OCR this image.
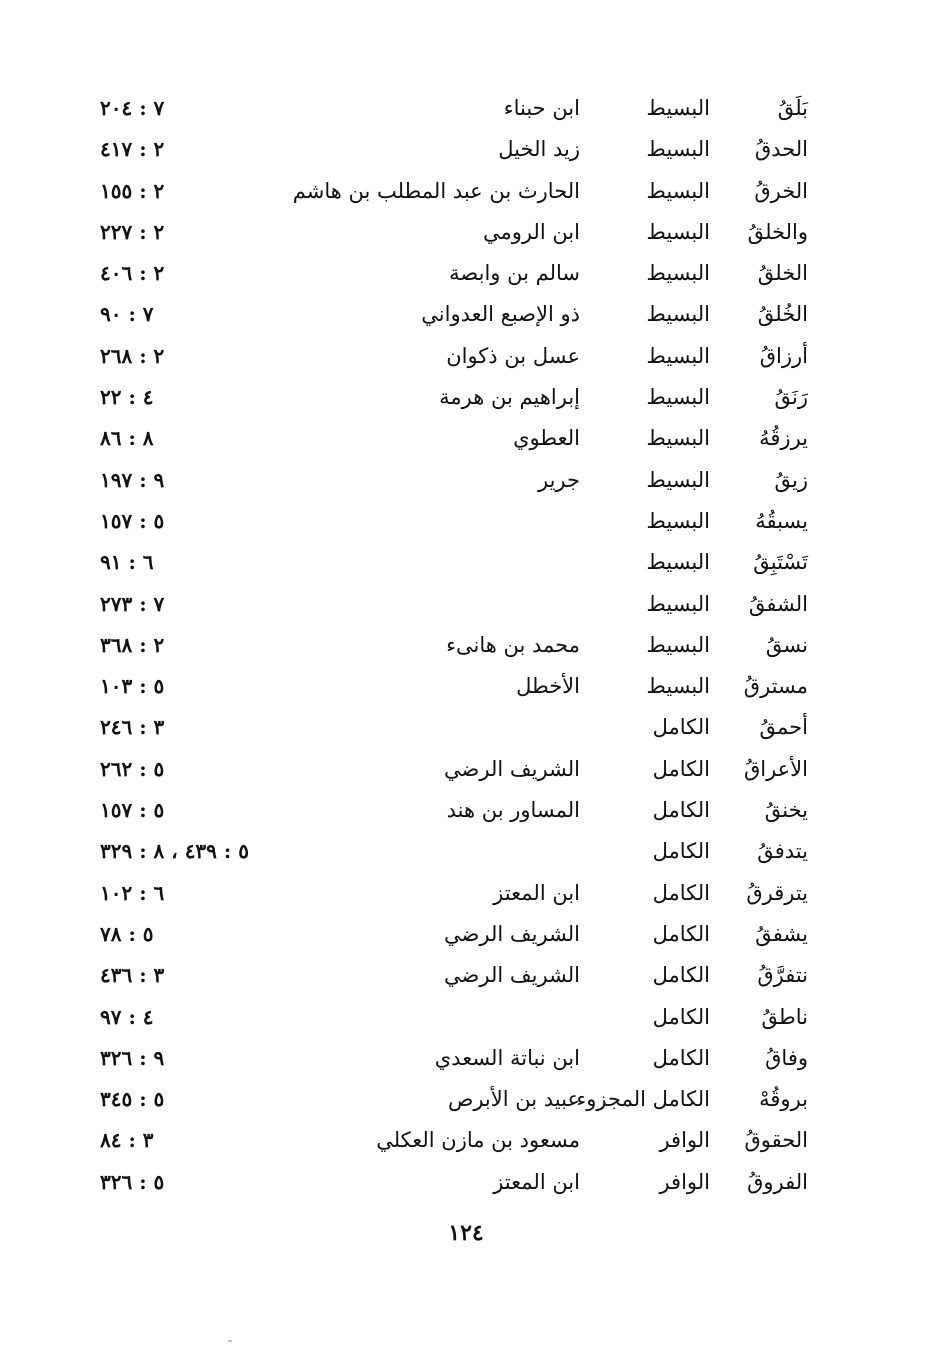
بَلَقُ
البسيط
ابن حبناء
٧ : ٢٠٤
الحدقُ
البسيط
زيد الخيل
٢ : ٤١٧
الخرقُ
البسيط
الحارث بن عبد المطلب بن هاشم
٢ : ١٥٥
والخلقُ
البسيط
ابن الرومي
٢ : ٢٢٧
الخلقُ
البسيط
سالم بن وابصة
٢ : ٤٠٦
الخُلقُ
البسيط
ذو الإصبع العدواني
٧ : ٩٠
أرزاقُ
البسيط
عسل بن ذكوان
٢ : ٢٦٨
رَنَقُ
البسيط
إبراهيم بن هرمة
٤ : ٢٢
يرزقُهُ
البسيط
العطوي
٨ : ٨٦
زيقُ
البسيط
جرير
٩ : ١٩٧
يسبقُهُ
البسيط
٥ : ١٥٧
تَسْتَبِقُ
البسيط
٦ : ٩١
الشفقُ
البسيط
٧ : ٢٧٣
نسقُ
البسيط
محمد بن هانىء
٢ : ٣٦٨
مسترقُ
البسيط
الأخطل
٥ : ١٠٣
أحمقُ
الكامل
٣ : ٢٤٦
الأعراقُ
الكامل
الشريف الرضي
٥ : ٢٦٢
يخنقُ
الكامل
المساور بن هند
٥ : ١٥٧
يتدفقُ
الكامل
٥ : ٤٣٩ ، ٨ : ٣٢٩
يترقرقُ
الكامل
ابن المعتز
٦ : ١٠٢
يشفقُ
الكامل
الشريف الرضي
٥ : ٧٨
نتفرَّقُ
الكامل
الشريف الرضي
٣ : ٤٣٦
ناطقُ
الكامل
٤ : ٩٧
وفاقُ
الكامل
ابن نباتة السعدي
٩ : ٣٢٦
بروقُهْ
الكامل المجزوء
عبيد بن الأبرص
٥ : ٣٤٥
الحقوقُ
الوافر
مسعود بن مازن العكلي
٣ : ٨٤
الفروقُ
الوافر
ابن المعتز
٥ : ٣٢٦
١٢٤
